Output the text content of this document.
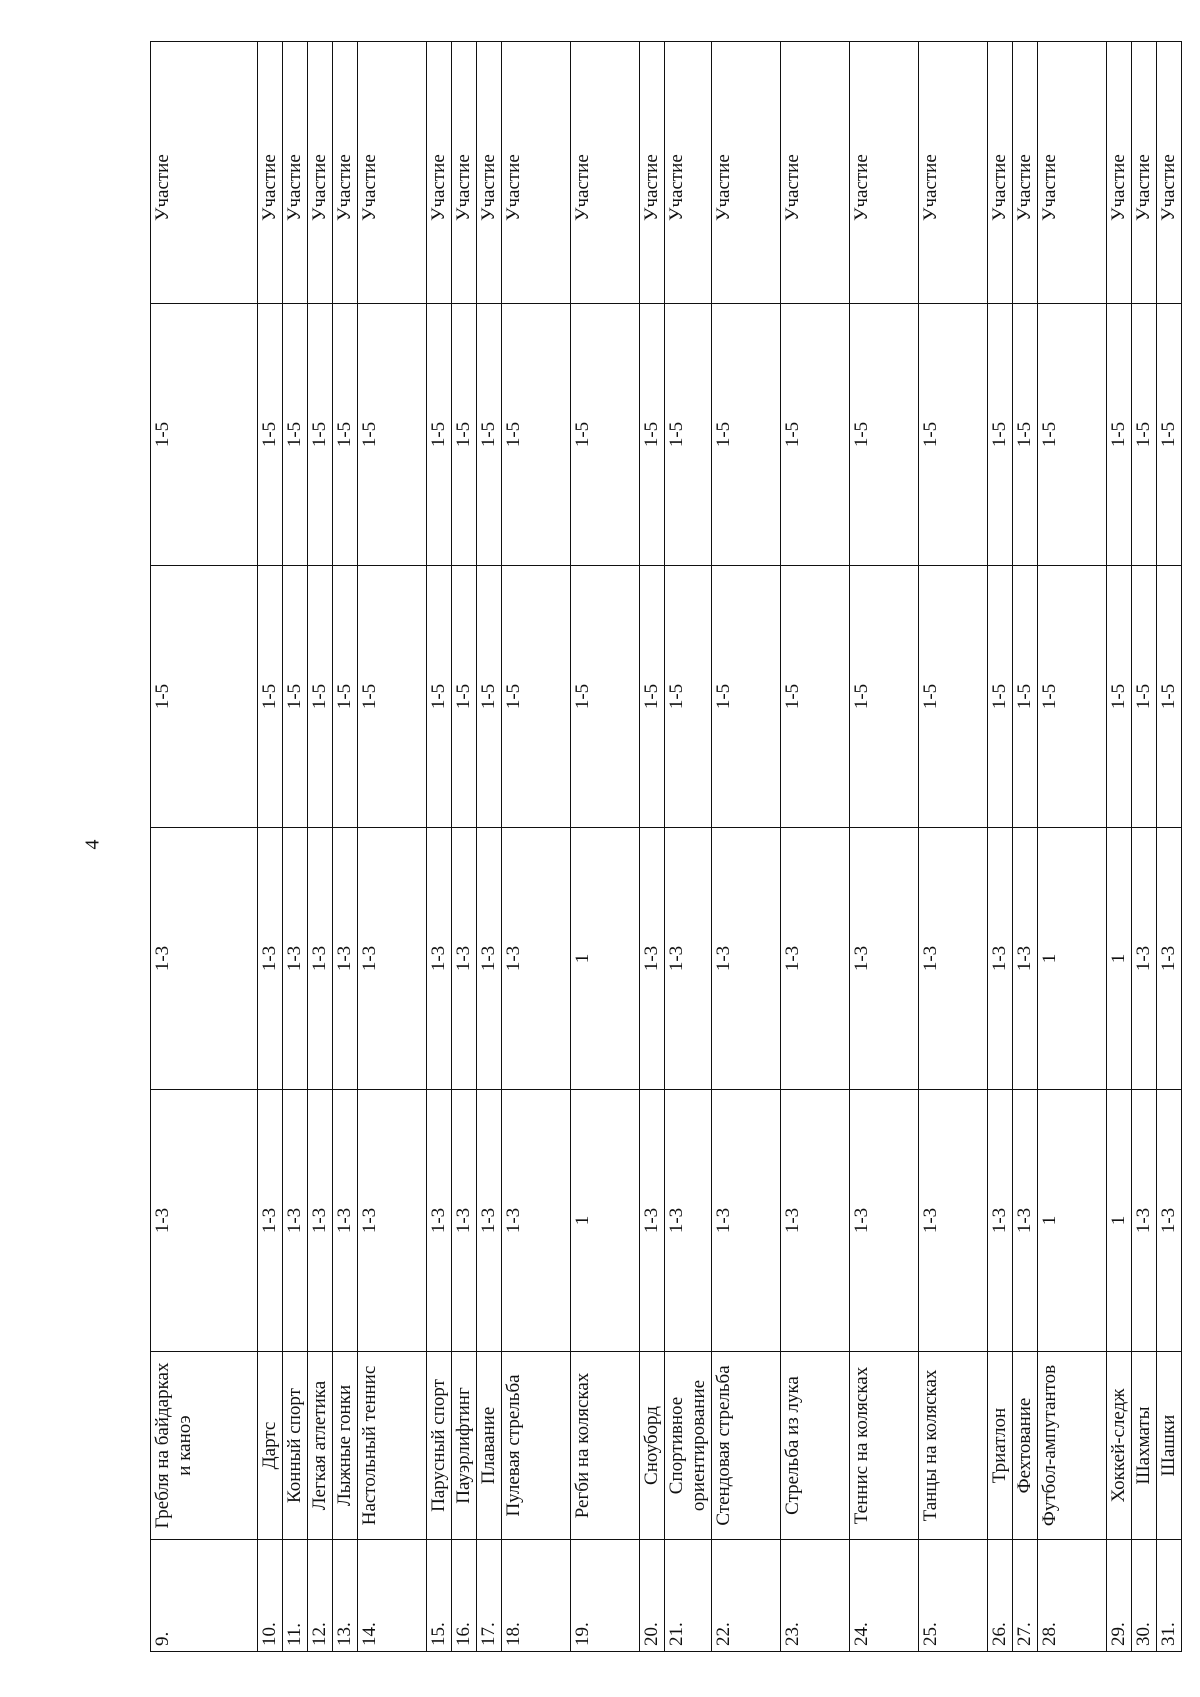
4
9.	Гребля на байдарках и каноэ	1-3	1-3	1-5	1-5	Участие
10.	Дартс	1-3	1-3	1-5	1-5	Участие
11.	Конный спорт	1-3	1-3	1-5	1-5	Участие
12.	Легкая атлетика	1-3	1-3	1-5	1-5	Участие
13.	Лыжные гонки	1-3	1-3	1-5	1-5	Участие
14.	Настольный теннис	1-3	1-3	1-5	1-5	Участие
15.	Парусный спорт	1-3	1-3	1-5	1-5	Участие
16.	Пауэрлифтинг	1-3	1-3	1-5	1-5	Участие
17.	Плавание	1-3	1-3	1-5	1-5	Участие
18.	Пулевая стрельба	1-3	1-3	1-5	1-5	Участие
19.	Регби на колясках	1	1	1-5	1-5	Участие
20.	Сноуборд	1-3	1-3	1-5	1-5	Участие
21.	Спортивное ориентирование	1-3	1-3	1-5	1-5	Участие
22.	Стендовая стрельба	1-3	1-3	1-5	1-5	Участие
23.	Стрельба из лука	1-3	1-3	1-5	1-5	Участие
24.	Теннис на колясках	1-3	1-3	1-5	1-5	Участие
25.	Танцы на колясках	1-3	1-3	1-5	1-5	Участие
26.	Триатлон	1-3	1-3	1-5	1-5	Участие
27.	Фехтование	1-3	1-3	1-5	1-5	Участие
28.	Футбол-ампутантов	1	1	1-5	1-5	Участие
29.	Хоккей-следж	1	1	1-5	1-5	Участие
30.	Шахматы	1-3	1-3	1-5	1-5	Участие
31.	Шашки	1-3	1-3	1-5	1-5	Участие
